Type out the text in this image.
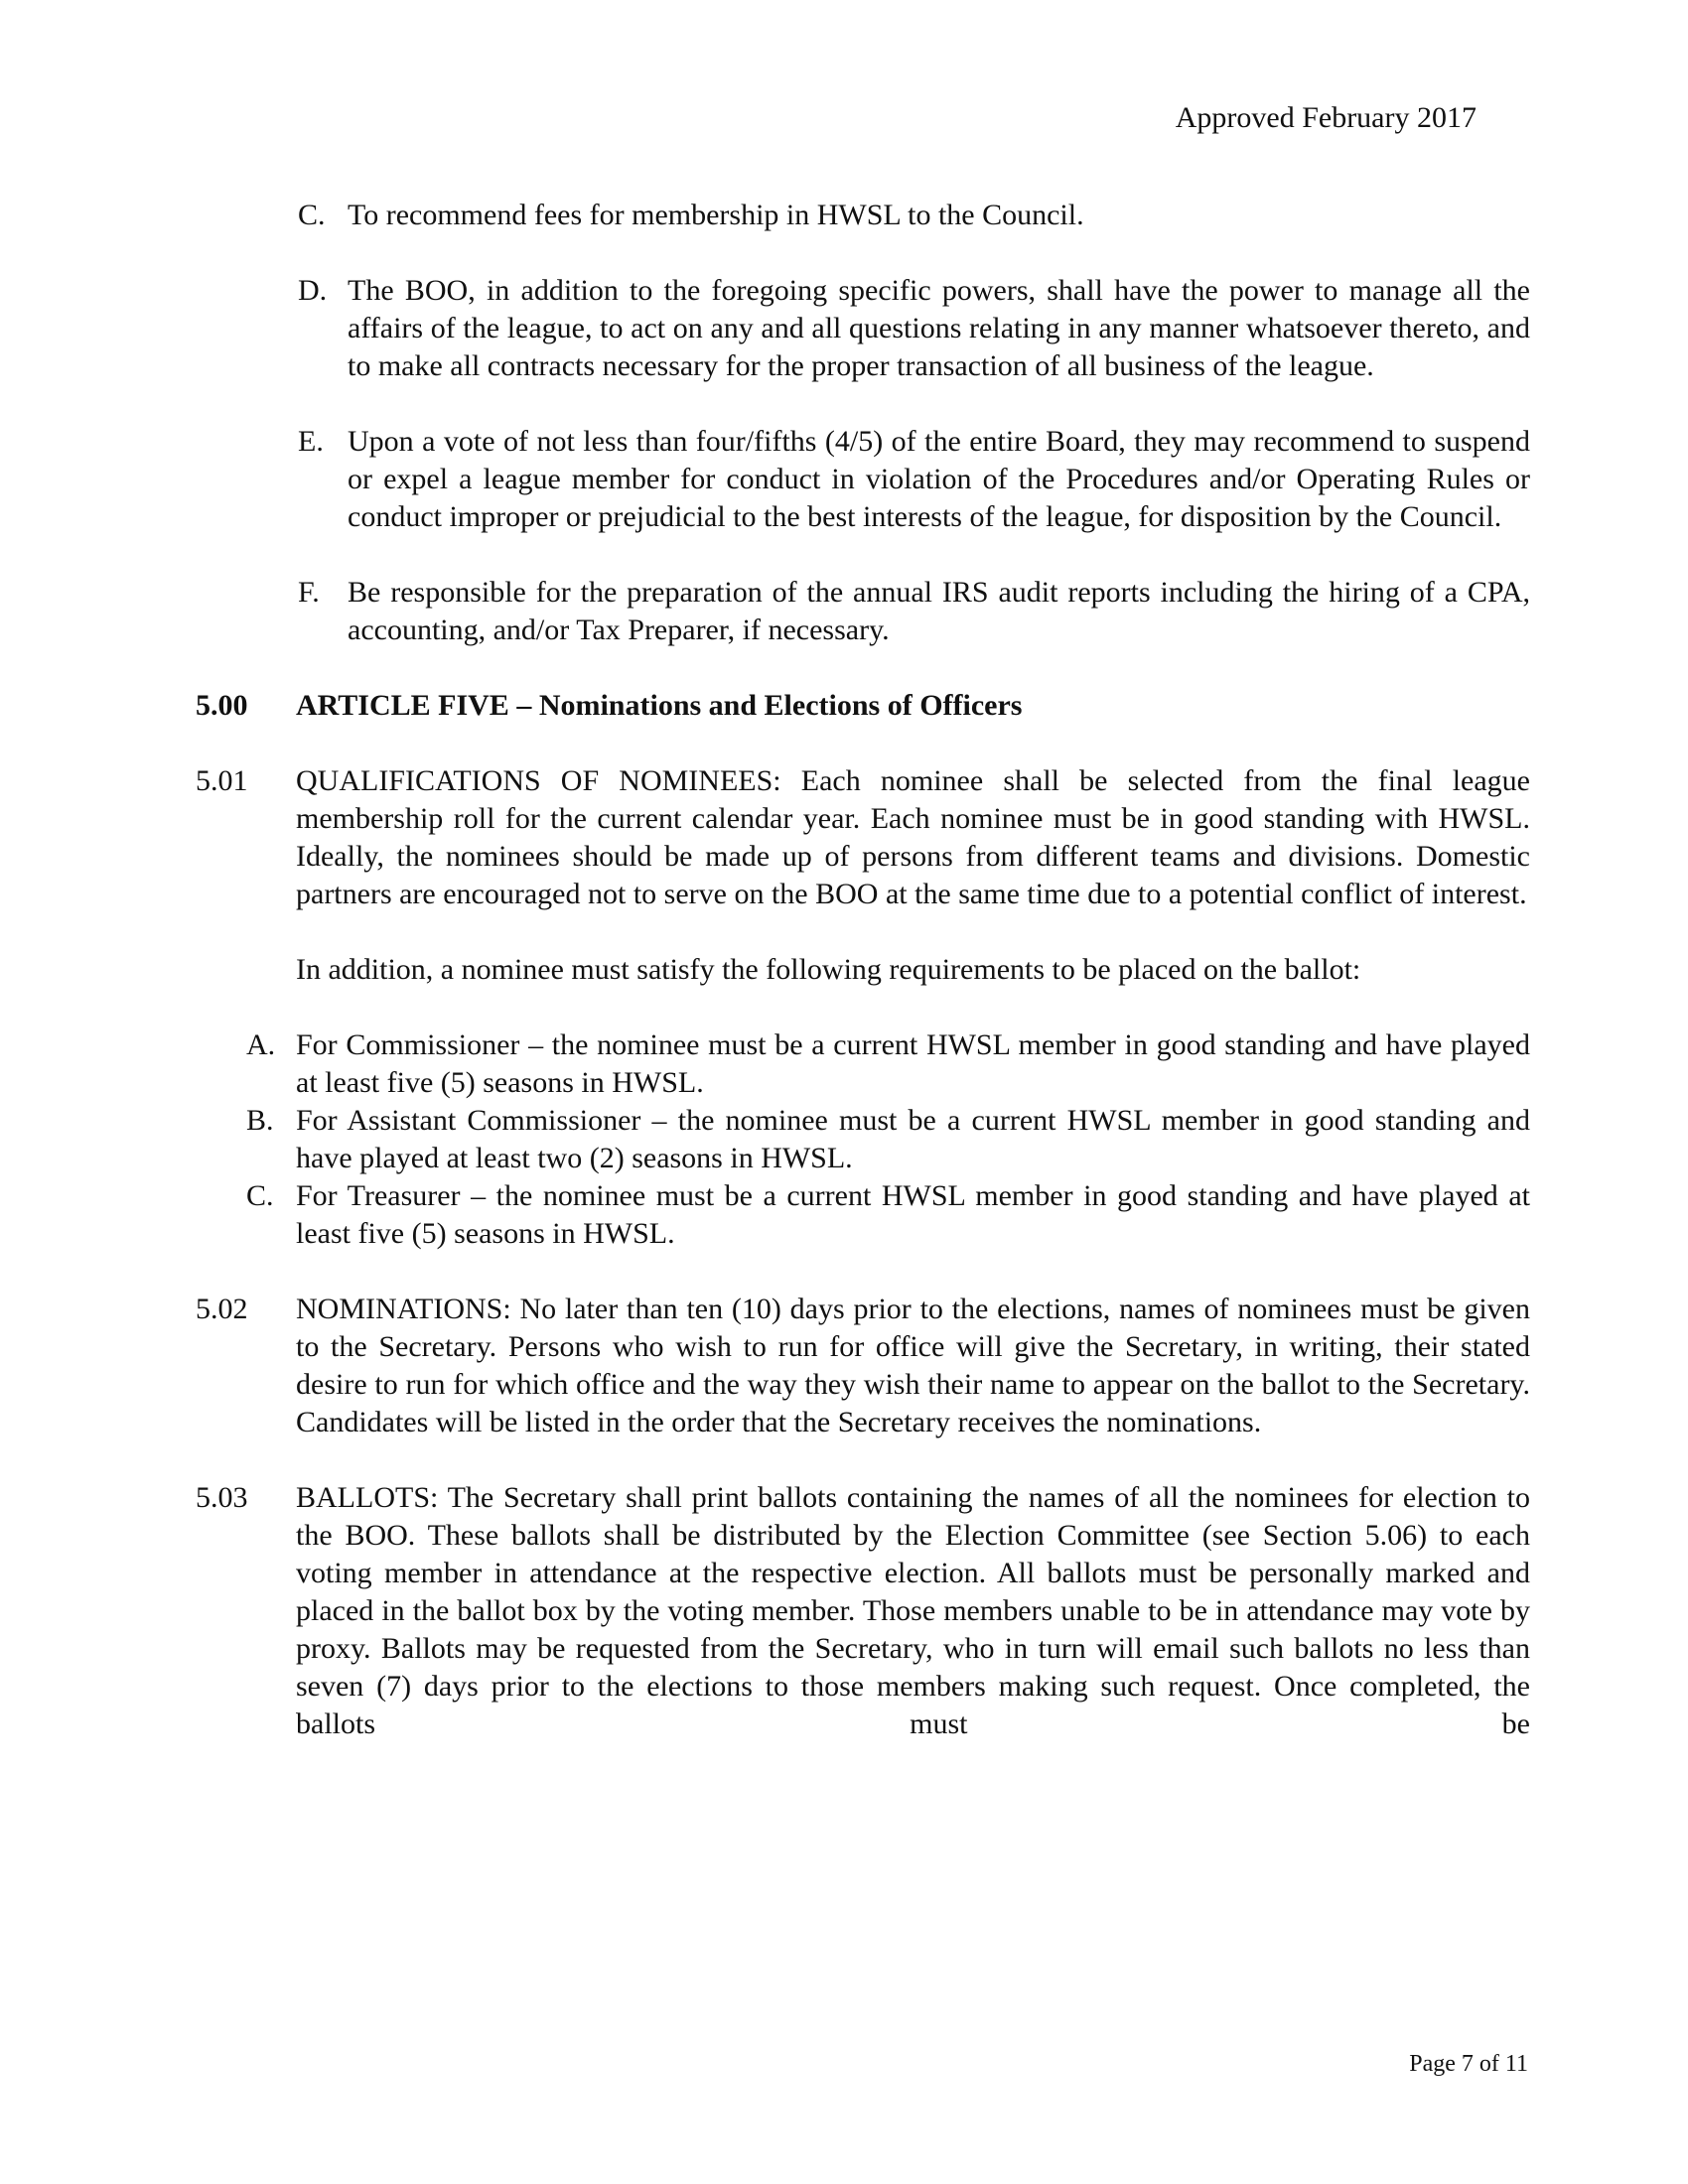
Approved February 2017
C. To recommend fees for membership in HWSL to the Council.
D. The BOO, in addition to the foregoing specific powers, shall have the power to manage all the affairs of the league, to act on any and all questions relating in any manner whatsoever thereto, and to make all contracts necessary for the proper transaction of all business of the league.
E. Upon a vote of not less than four/fifths (4/5) of the entire Board, they may recommend to suspend or expel a league member for conduct in violation of the Procedures and/or Operating Rules or conduct improper or prejudicial to the best interests of the league, for disposition by the Council.
F. Be responsible for the preparation of the annual IRS audit reports including the hiring of a CPA, accounting, and/or Tax Preparer, if necessary.
5.00	ARTICLE FIVE – Nominations and Elections of Officers
5.01	QUALIFICATIONS OF NOMINEES: Each nominee shall be selected from the final league membership roll for the current calendar year. Each nominee must be in good standing with HWSL. Ideally, the nominees should be made up of persons from different teams and divisions. Domestic partners are encouraged not to serve on the BOO at the same time due to a potential conflict of interest.
In addition, a nominee must satisfy the following requirements to be placed on the ballot:
A. For Commissioner – the nominee must be a current HWSL member in good standing and have played at least five (5) seasons in HWSL.
B. For Assistant Commissioner – the nominee must be a current HWSL member in good standing and have played at least two (2) seasons in HWSL.
C. For Treasurer – the nominee must be a current HWSL member in good standing and have played at least five (5) seasons in HWSL.
5.02	NOMINATIONS: No later than ten (10) days prior to the elections, names of nominees must be given to the Secretary. Persons who wish to run for office will give the Secretary, in writing, their stated desire to run for which office and the way they wish their name to appear on the ballot to the Secretary. Candidates will be listed in the order that the Secretary receives the nominations.
5.03	BALLOTS: The Secretary shall print ballots containing the names of all the nominees for election to the BOO. These ballots shall be distributed by the Election Committee (see Section 5.06) to each voting member in attendance at the respective election. All ballots must be personally marked and placed in the ballot box by the voting member. Those members unable to be in attendance may vote by proxy. Ballots may be requested from the Secretary, who in turn will email such ballots no less than seven (7) days prior to the elections to those members making such request. Once completed, the ballots must be
Page 7 of 11
